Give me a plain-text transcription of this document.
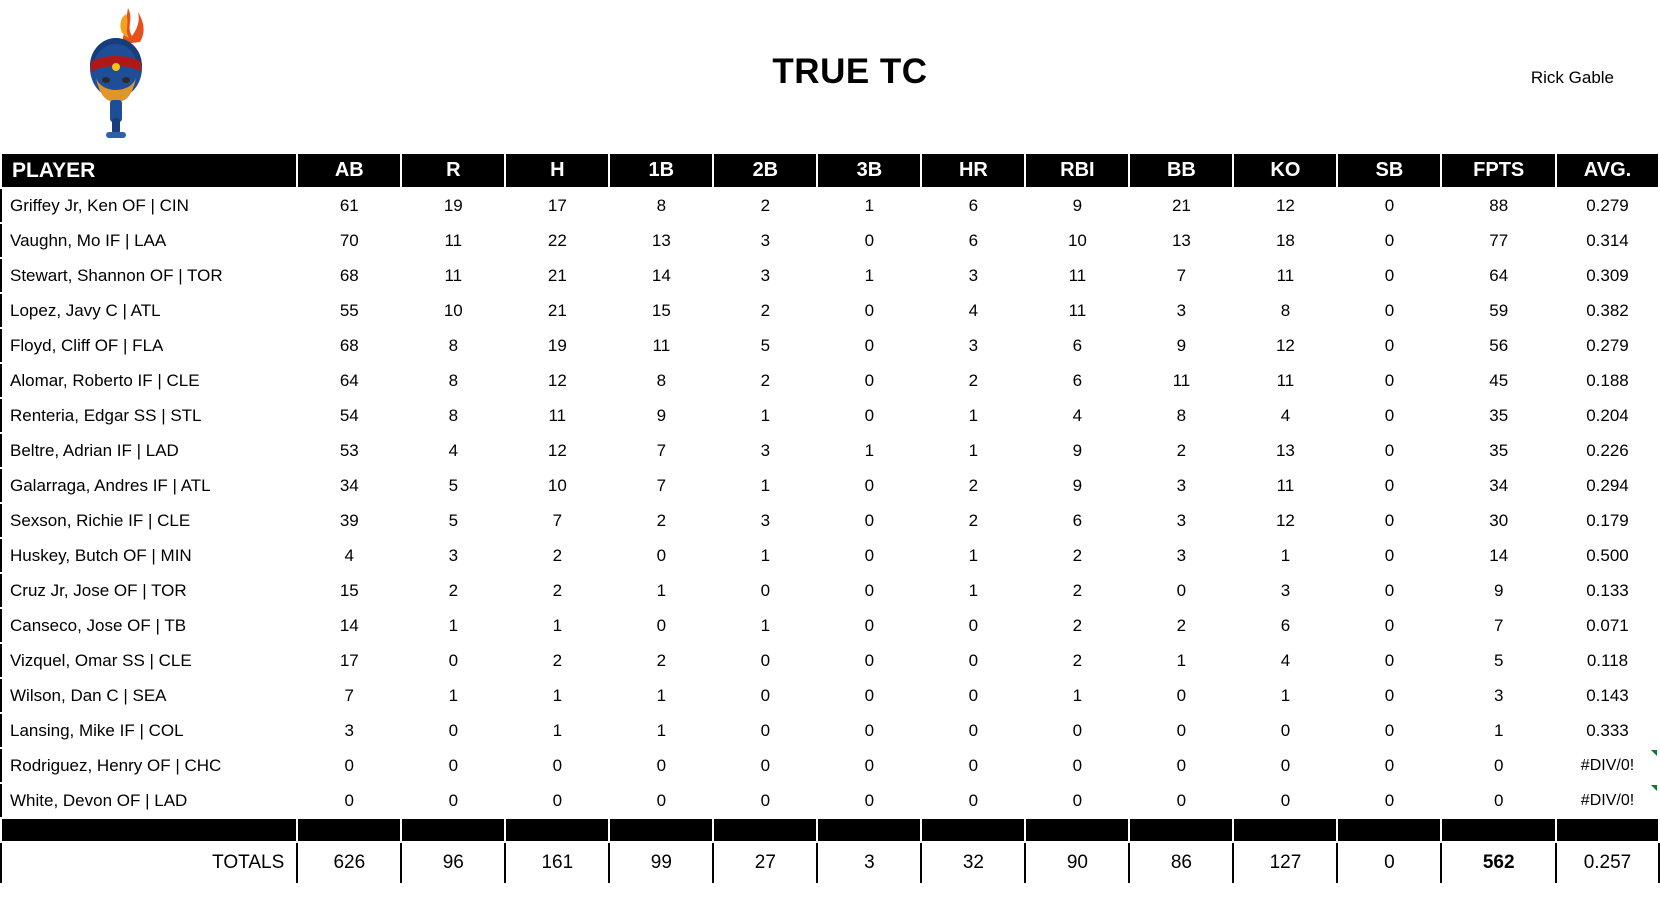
TRUE TC	Rick Gable
PLAYER	AB	R	H	1B	2B	3B	HR	RBI	BB	KO	SB	FPTS	AVG.
Griffey Jr, Ken OF | CIN	61	19	17	8	2	1	6	9	21	12	0	88	0.279
Vaughn, Mo IF | LAA	70	11	22	13	3	0	6	10	13	18	0	77	0.314
Stewart, Shannon OF | TOR	68	11	21	14	3	1	3	11	7	11	0	64	0.309
Lopez, Javy C | ATL	55	10	21	15	2	0	4	11	3	8	0	59	0.382
Floyd, Cliff OF | FLA	68	8	19	11	5	0	3	6	9	12	0	56	0.279
Alomar, Roberto IF | CLE	64	8	12	8	2	0	2	6	11	11	0	45	0.188
Renteria, Edgar SS | STL	54	8	11	9	1	0	1	4	8	4	0	35	0.204
Beltre, Adrian IF | LAD	53	4	12	7	3	1	1	9	2	13	0	35	0.226
Galarraga, Andres IF | ATL	34	5	10	7	1	0	2	9	3	11	0	34	0.294
Sexson, Richie IF | CLE	39	5	7	2	3	0	2	6	3	12	0	30	0.179
Huskey, Butch OF | MIN	4	3	2	0	1	0	1	2	3	1	0	14	0.500
Cruz Jr, Jose OF | TOR	15	2	2	1	0	0	1	2	0	3	0	9	0.133
Canseco, Jose OF | TB	14	1	1	0	1	0	0	2	2	6	0	7	0.071
Vizquel, Omar SS | CLE	17	0	2	2	0	0	0	2	1	4	0	5	0.118
Wilson, Dan C | SEA	7	1	1	1	0	0	0	1	0	1	0	3	0.143
Lansing, Mike IF | COL	3	0	1	1	0	0	0	0	0	0	0	1	0.333
Rodriguez, Henry OF | CHC	0	0	0	0	0	0	0	0	0	0	0	0	#DIV/0!
White, Devon OF | LAD	0	0	0	0	0	0	0	0	0	0	0	0	#DIV/0!

TOTALS	626	96	161	99	27	3	32	90	86	127	0	562	0.257
